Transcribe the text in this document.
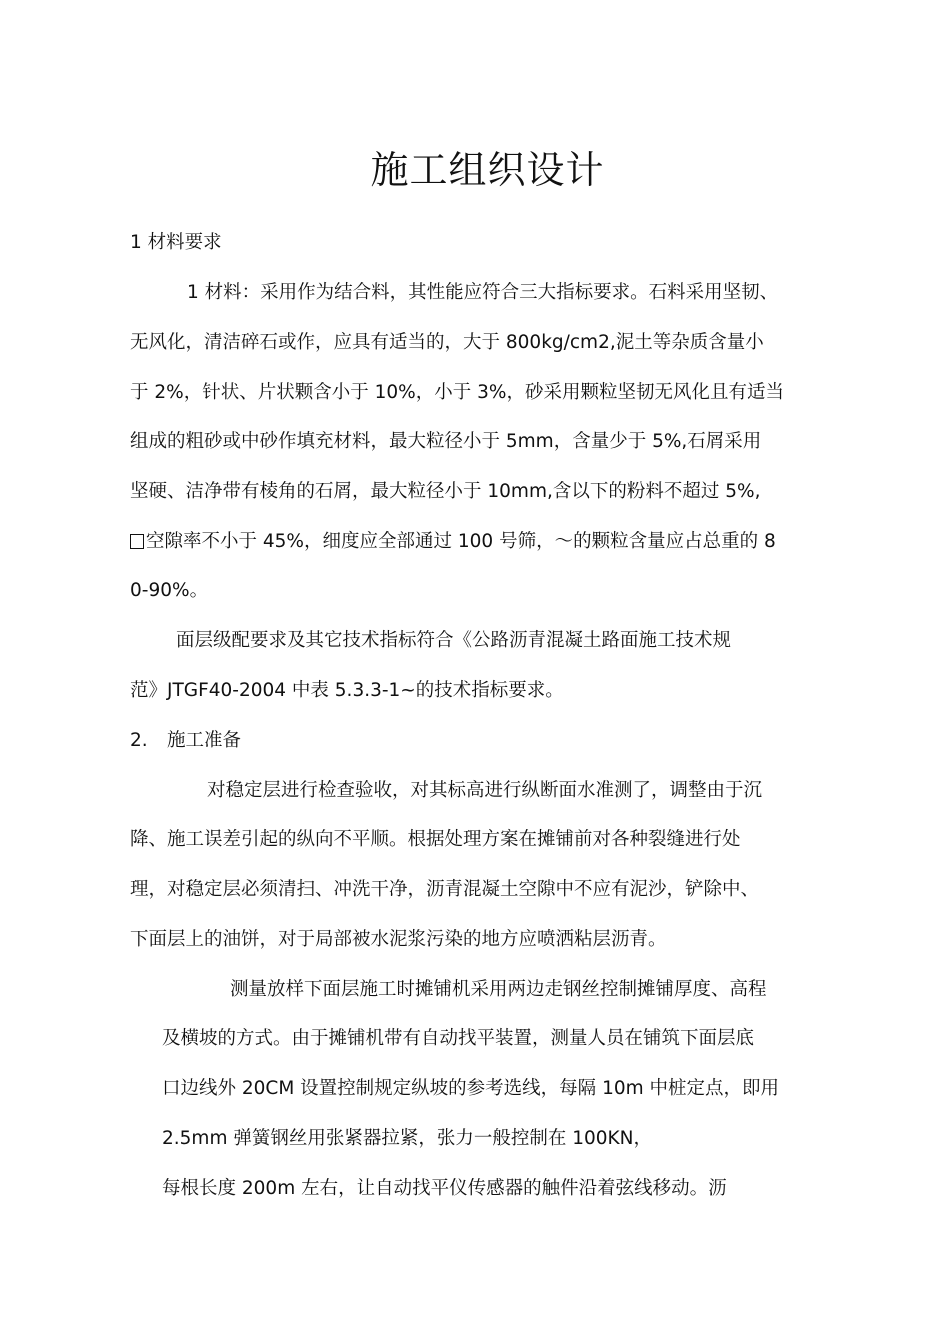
施工组织设计
1 材料要求
1 材料：采用作为结合料，其性能应符合三大指标要求。石料采用坚韧、
无风化，清洁碎石或作，应具有适当的，大于 800kg/cm2,泥土等杂质含量小
于 2%，针状、片状颗含小于 10%，小于 3%，砂采用颗粒坚韧无风化且有适当
组成的粗砂或中砂作填充材料，最大粒径小于 5mm，含量少于 5%,石屑采用
坚硬、洁净带有棱角的石屑，最大粒径小于 10mm,含以下的粉料不超过 5%,
空隙率不小于 45%，细度应全部通过 100 号筛，〜的颗粒含量应占总重的 8
0-90%。
面层级配要求及其它技术指标符合《公路沥青混凝土路面施工技术规
范》JTGF40-2004 中表 5.3.3-1~的技术指标要求。
2. 施工准备
对稳定层进行检查验收，对其标高进行纵断面水准测了，调整由于沉
降、施工误差引起的纵向不平顺。根据处理方案在摊铺前对各种裂缝进行处
理，对稳定层必须清扫、冲洗干净，沥青混凝土空隙中不应有泥沙，铲除中、
下面层上的油饼，对于局部被水泥浆污染的地方应喷洒粘层沥青。
测量放样下面层施工时摊铺机采用两边走钢丝控制摊铺厚度、高程
及横坡的方式。由于摊铺机带有自动找平装置，测量人员在铺筑下面层底
口边线外 20CM 设置控制规定纵坡的参考选线，每隔 10m 中桩定点，即用
2.5mm 弹簧钢丝用张紧器拉紧，张力一般控制在 100KN，
每根长度 200m 左右，让自动找平仪传感器的触件沿着弦线移动。沥
